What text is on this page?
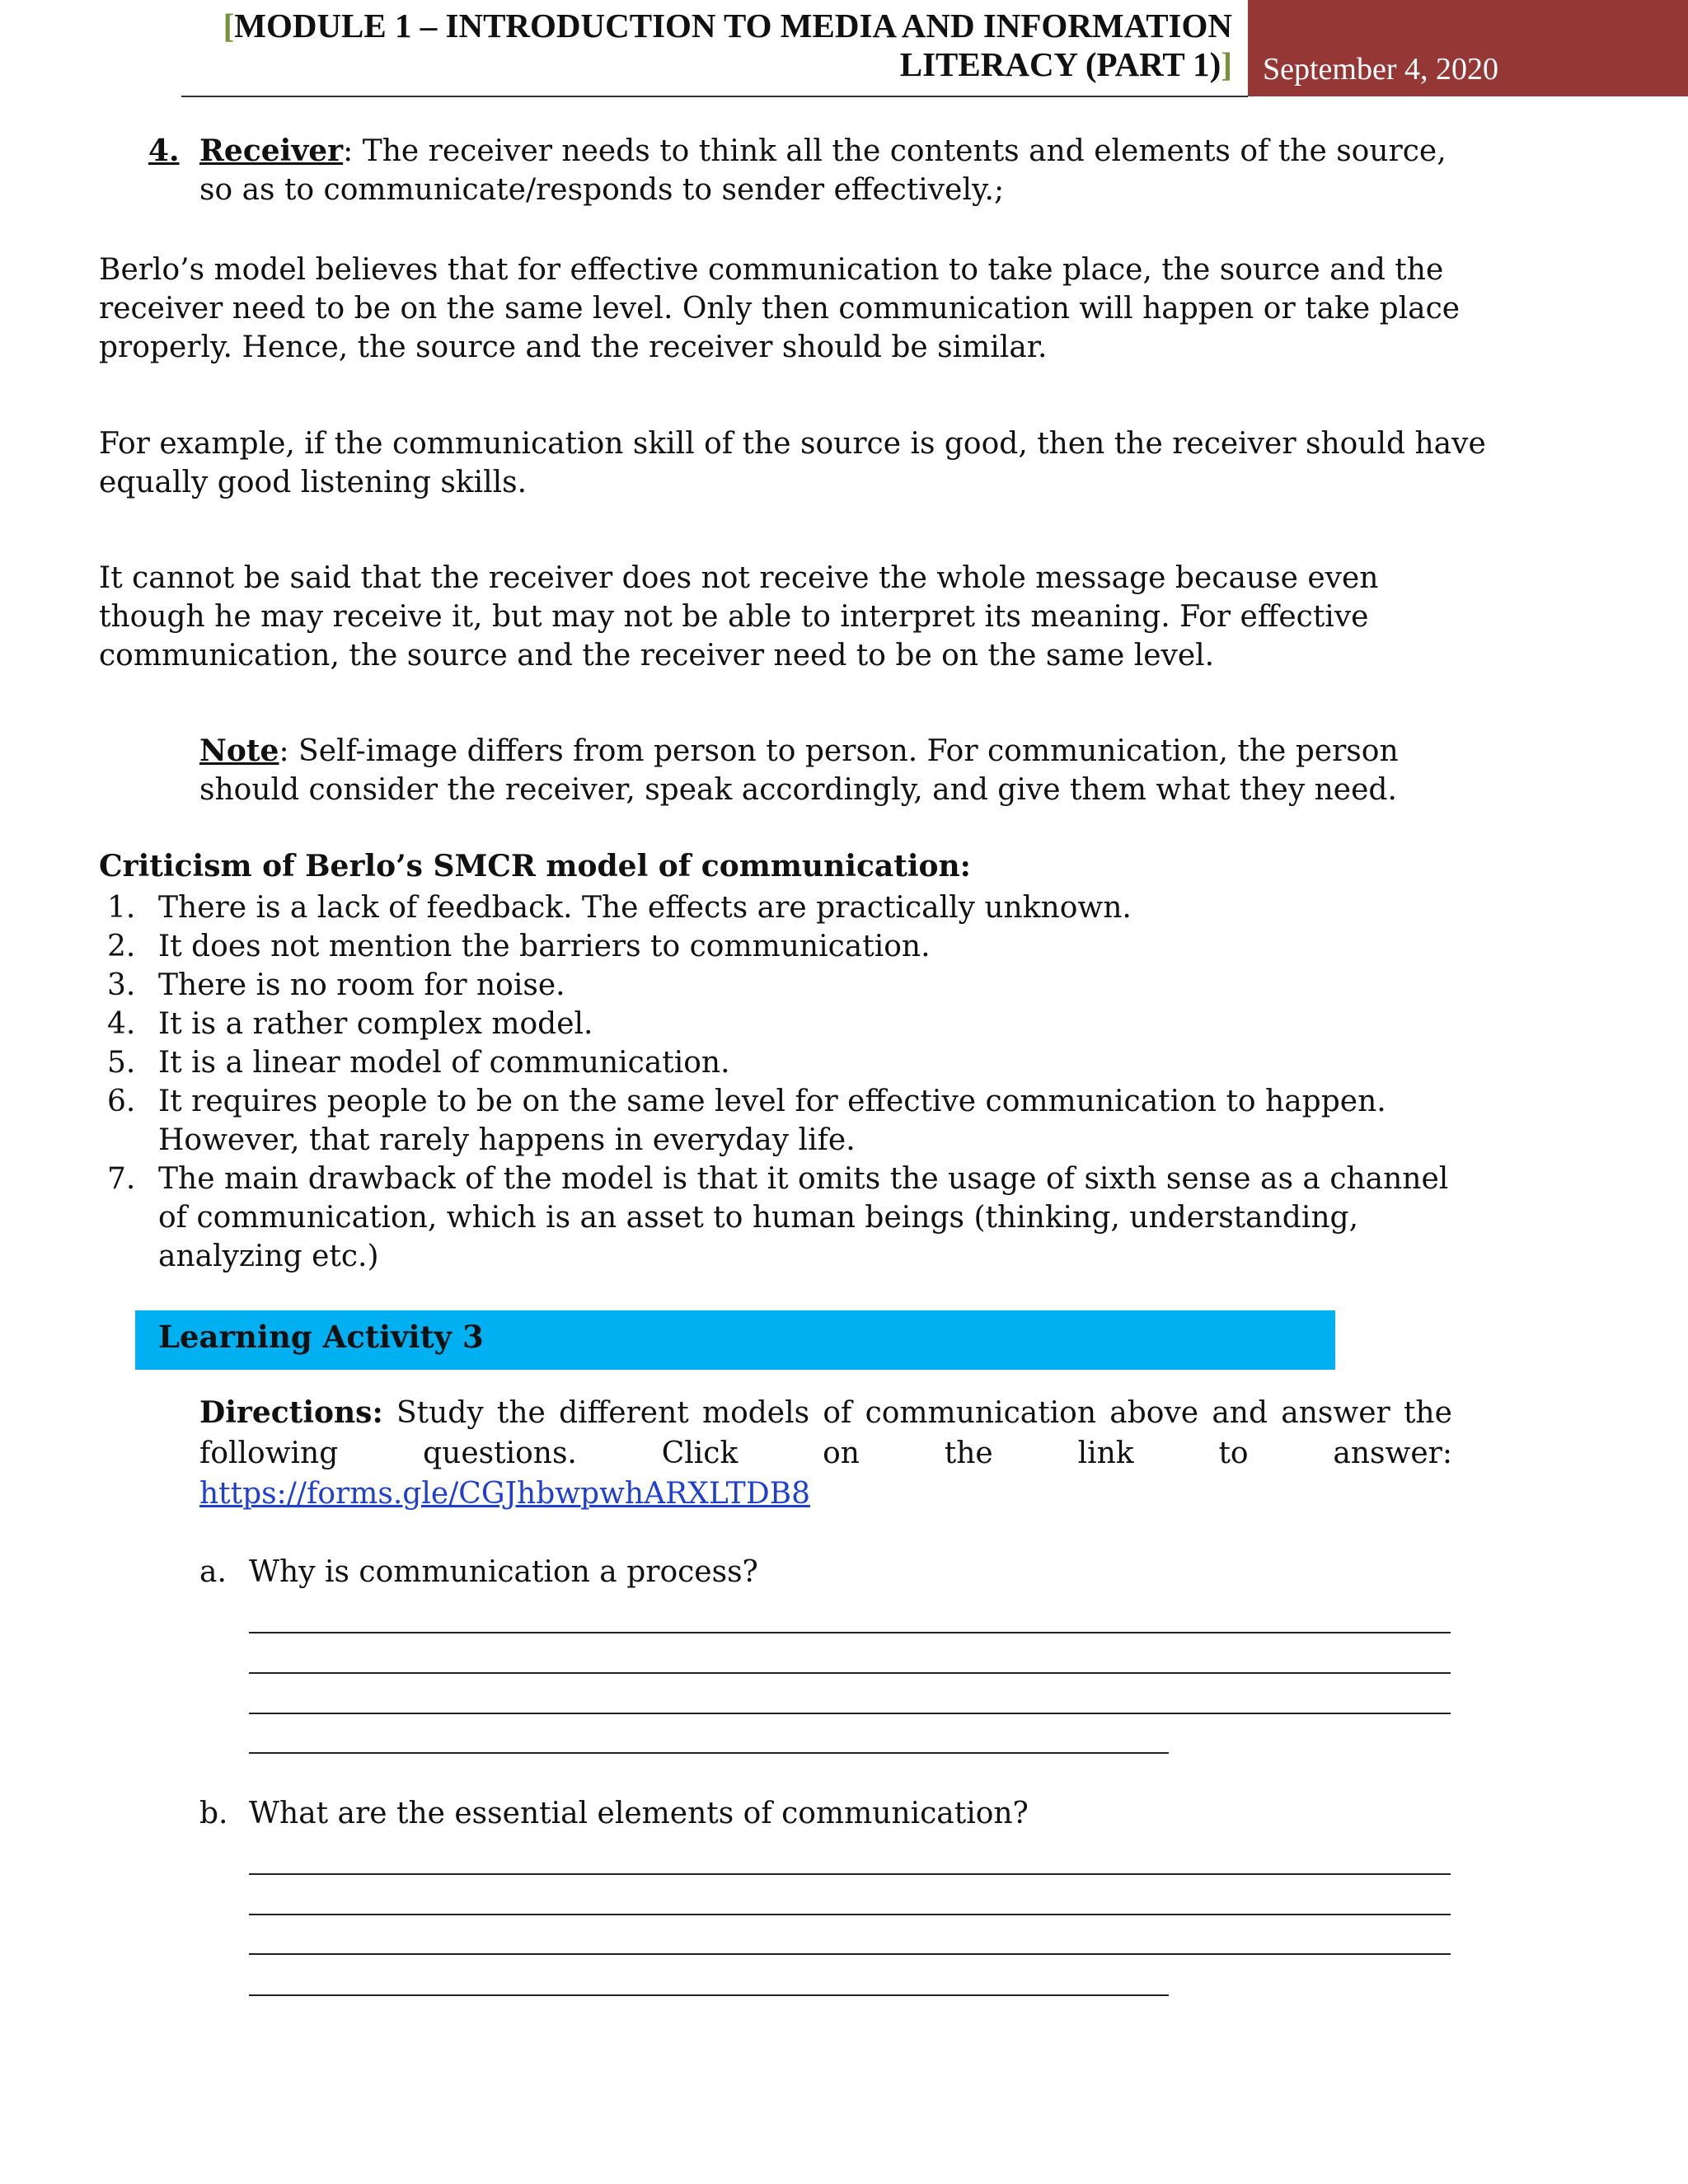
[MODULE 1 – INTRODUCTION TO MEDIA AND INFORMATION
LITERACY (PART 1)] September 4, 2020
4. Receiver: The receiver needs to think all the contents and elements of the source, so as to communicate/responds to sender effectively.;
Berlo’s model believes that for effective communication to take place, the source and the receiver need to be on the same level. Only then communication will happen or take place properly. Hence, the source and the receiver should be similar.
For example, if the communication skill of the source is good, then the receiver should have equally good listening skills.
It cannot be said that the receiver does not receive the whole message because even though he may receive it, but may not be able to interpret its meaning. For effective communication, the source and the receiver need to be on the same level.
Note: Self-image differs from person to person. For communication, the person should consider the receiver, speak accordingly, and give them what they need.
Criticism of Berlo’s SMCR model of communication:
1. There is a lack of feedback. The effects are practically unknown.
2. It does not mention the barriers to communication.
3. There is no room for noise.
4. It is a rather complex model.
5. It is a linear model of communication.
6. It requires people to be on the same level for effective communication to happen. However, that rarely happens in everyday life.
7. The main drawback of the model is that it omits the usage of sixth sense as a channel of communication, which is an asset to human beings (thinking, understanding, analyzing etc.)
Learning Activity 3
Directions: Study the different models of communication above and answer the
following	questions.	Click	on	the	link	to	answer:
https://forms.gle/CGJhbwpwhARXLTDB8
a. Why is communication a process?
b. What are the essential elements of communication?
